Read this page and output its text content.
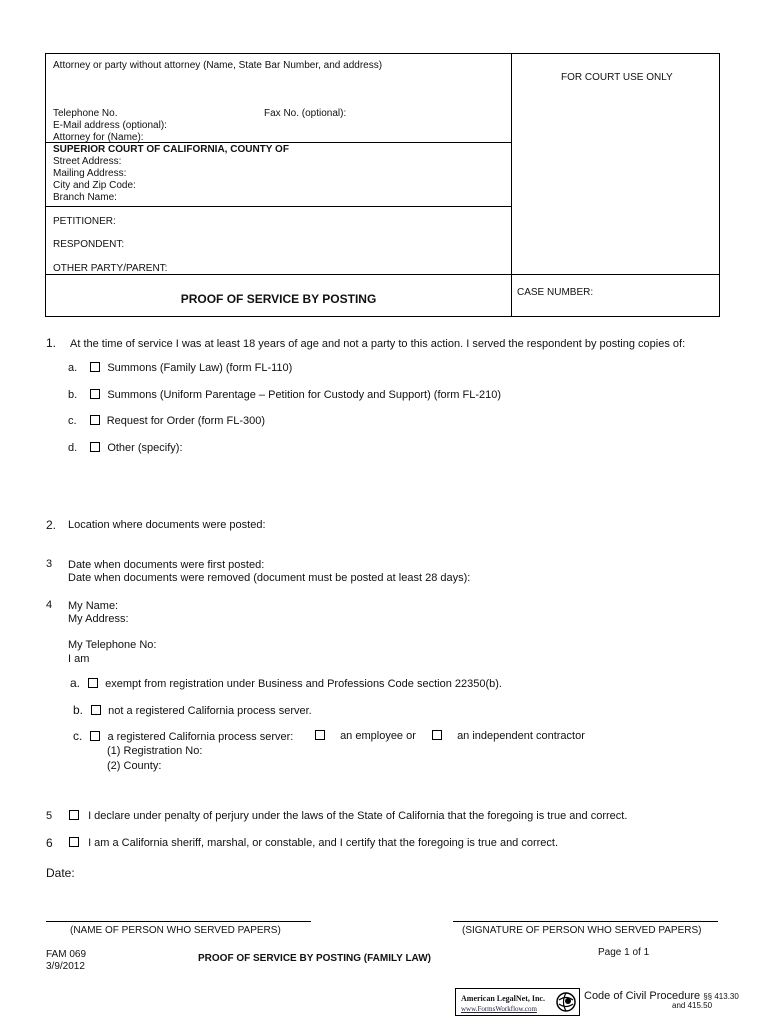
Attorney or party without attorney (Name, State Bar Number, and address)
FOR COURT USE ONLY
Telephone No.	Fax No. (optional):
E-Mail address (optional):
Attorney for (Name):
SUPERIOR COURT OF CALIFORNIA, COUNTY OF
Street Address:
Mailing Address:
City and Zip Code:
Branch Name:
PETITIONER:
RESPONDENT:
OTHER PARTY/PARENT:
PROOF OF SERVICE BY POSTING	CASE NUMBER:
1. At the time of service I was at least 18 years of age and not a party to this action. I served the respondent by posting copies of:
a.	Summons (Family Law) (form FL-110)
b.	Summons (Uniform Parentage – Petition for Custody and Support) (form FL-210)
c.	Request for Order (form FL-300)
d.	Other (specify):
2. Location where documents were posted:
3 Date when documents were first posted:
Date when documents were removed (document must be posted at least 28 days):
4 My Name:
My Address:
My Telephone No:
I am
a. exempt from registration under Business and Professions Code section 22350(b).
b. not a registered California process server.
c. a registered California process server:	an employee or	an independent contractor
(1) Registration No:
(2) County:
5	I declare under penalty of perjury under the laws of the State of California that the foregoing is true and correct.
6	I am a California sheriff, marshal, or constable, and I certify that the foregoing is true and correct.
Date:
(NAME OF PERSON WHO SERVED PAPERS)	(SIGNATURE OF PERSON WHO SERVED PAPERS)
FAM 069
3/9/2012
PROOF OF SERVICE BY POSTING (FAMILY LAW)
Page 1 of 1
American LegalNet, Inc.
www.FormsWorkflow.com
Code of Civil Procedure §§ 413.30
and 415.50
